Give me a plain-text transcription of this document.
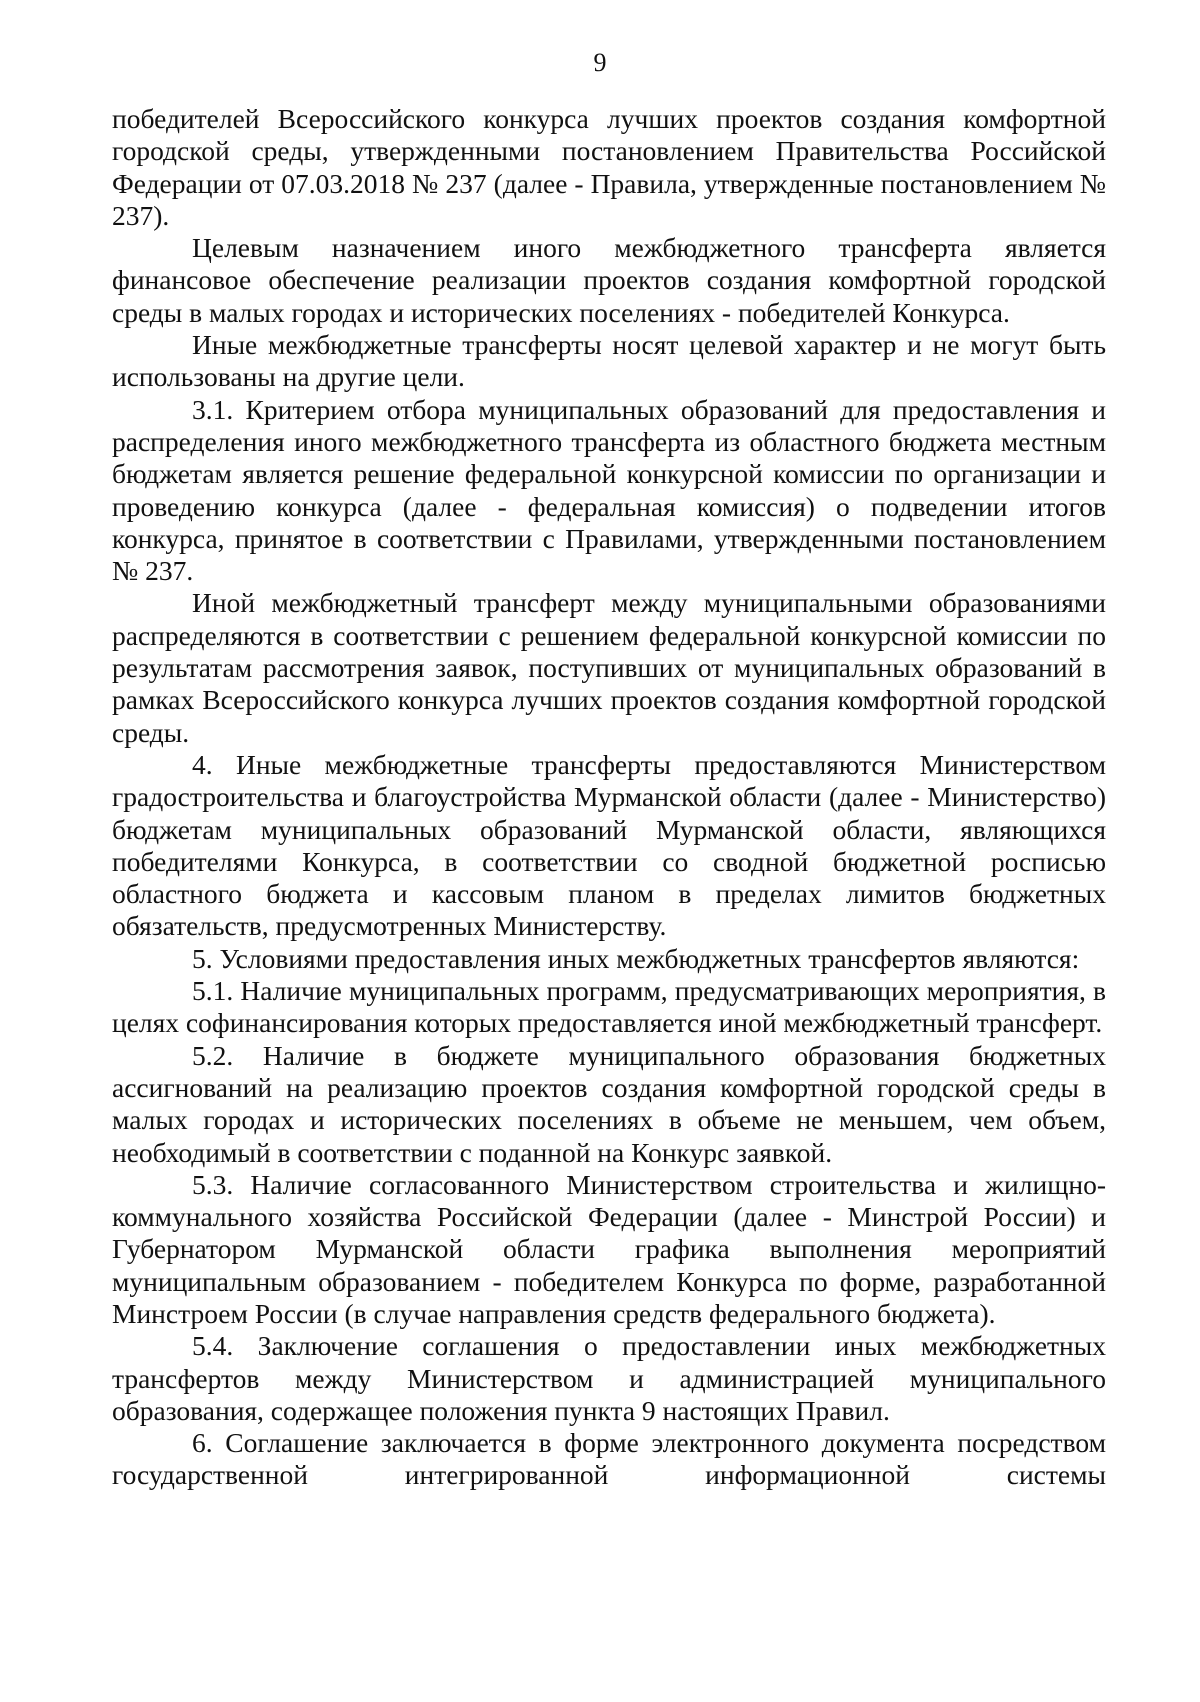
9

победителей Всероссийского конкурса лучших проектов создания комфортной городской среды, утвержденными постановлением Правительства Российской Федерации от 07.03.2018 № 237 (далее - Правила, утвержденные постановлением № 237).

Целевым назначением иного межбюджетного трансферта является финансовое обеспечение реализации проектов создания комфортной городской среды в малых городах и исторических поселениях - победителей Конкурса.

Иные межбюджетные трансферты носят целевой характер и не могут быть использованы на другие цели.

3.1. Критерием отбора муниципальных образований для предоставления и распределения иного межбюджетного трансферта из областного бюджета местным бюджетам является решение федеральной конкурсной комиссии по организации и проведению конкурса (далее - федеральная комиссия) о подведении итогов конкурса, принятое в соответствии с Правилами, утвержденными постановлением № 237.

Иной межбюджетный трансферт между муниципальными образованиями распределяются в соответствии с решением федеральной конкурсной комиссии по результатам рассмотрения заявок, поступивших от муниципальных образований в рамках Всероссийского конкурса лучших проектов создания комфортной городской среды.

4. Иные межбюджетные трансферты предоставляются Министерством градостроительства и благоустройства Мурманской области (далее - Министерство) бюджетам муниципальных образований Мурманской области, являющихся победителями Конкурса, в соответствии со сводной бюджетной росписью областного бюджета и кассовым планом в пределах лимитов бюджетных обязательств, предусмотренных Министерству.

5. Условиями предоставления иных межбюджетных трансфертов являются:

5.1. Наличие муниципальных программ, предусматривающих мероприятия, в целях софинансирования которых предоставляется иной межбюджетный трансферт.

5.2. Наличие в бюджете муниципального образования бюджетных ассигнований на реализацию проектов создания комфортной городской среды в малых городах и исторических поселениях в объеме не меньшем, чем объем, необходимый в соответствии с поданной на Конкурс заявкой.

5.3. Наличие согласованного Министерством строительства и жилищно-коммунального хозяйства Российской Федерации (далее - Минстрой России) и Губернатором Мурманской области графика выполнения мероприятий муниципальным образованием - победителем Конкурса по форме, разработанной Минстроем России (в случае направления средств федерального бюджета).

5.4. Заключение соглашения о предоставлении иных межбюджетных трансфертов между Министерством и администрацией муниципального образования, содержащее положения пункта 9 настоящих Правил.

6. Соглашение заключается в форме электронного документа посредством государственной интегрированной информационной системы
